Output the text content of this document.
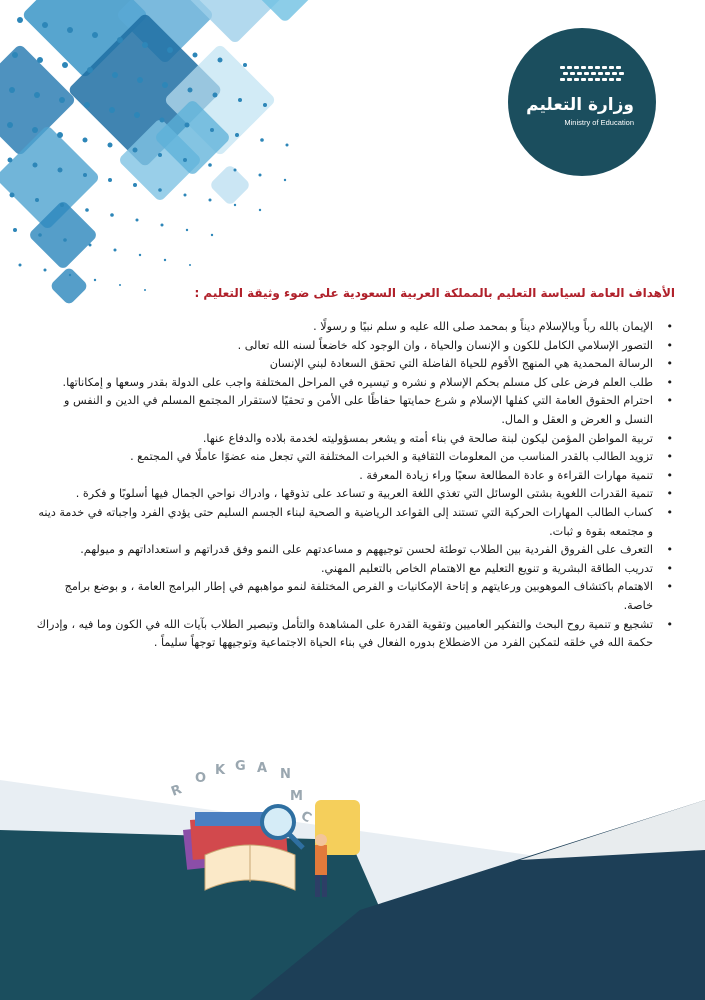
وزارة التعليم
Ministry of Education
الأهداف العامة لسياسة التعليم بالمملكة العربية السعودية على ضوء وثيقة التعليم :
•
الإيمان بالله رباً وبالإسلام ديناً و بمحمد صلى الله عليه و سلم نبيًا و رسولًا .
•
التصور الإسلامي الكامل للكون و الإنسان والحياة ، وان الوجود كله خاضعاً لسنه الله تعالى .
•
الرسالة المحمدية هي المنهج الأقوم للحياة الفاضلة التي تحقق السعادة لبني الإنسان
•
طلب العلم فرض على كل مسلم بحكم الإسلام و نشره و تيسيره في المراحل المختلفة واجب على الدولة بقدر وسعها و إمكاناتها.
•
احترام الحقوق العامة التي كفلها الإسلام و شرع حمايتها حفاظًا على الأمن و تحقيًا لاستقرار المجتمع المسلم في الدين و النفس و النسل و العرض و العقل و المال.
•
تربية المواطن المؤمن ليكون لبنة صالحة في بناء أمته و يشعر بمسؤوليته لخدمة بلاده والدفاع عنها.
•
تزويد الطالب بالقدر المناسب من المعلومات الثقافية و الخبرات المختلفة التي تجعل منه عضوًا عاملًا في المجتمع .
•
تنمية مهارات القراءة و عادة المطالعة سعيًا وراء زيادة المعرفة .
•
تنمية القدرات اللغوية بشتى الوسائل التي تغذي اللغة العربية و تساعد على تذوقها ، وادراك نواحي الجمال فيها أسلوبًا و فكرة .
•
كساب الطالب المهارات الحركية التي تستند إلى القواعد الرياضية و الصحية لبناء الجسم السليم حتى يؤدي الفرد واجباته في خدمة دينه و مجتمعه بقوة و ثبات.
•
التعرف على الفروق الفردية بين الطلاب توطئة لحسن توجيههم و مساعدتهم على النمو وفق قدراتهم و استعداداتهم و ميولهم.
•
تدريب الطاقة البشرية و تنويع التعليم مع الاهتمام الخاص بالتعليم المهني.
•
الاهتمام باكتشاف الموهوبين ورعايتهم و إتاحة الإمكانيات و الفرص المختلفة لنمو مواهبهم في إطار البرامج العامة ، و بوضع برامج خاصة.
•
تشجيع و تنمية روح البحث والتفكير العاميين وتقوية القدرة على المشاهدة والتأمل وتبصير الطلاب بآيات الله في الكون وما فيه ، وإدراك حكمة الله في خلقه لتمكين الفرد من الاضطلاع بدوره الفعال في بناء الحياة الاجتماعية وتوجيهها توجهاً سليماً .
R
O
K G A N
M
C
